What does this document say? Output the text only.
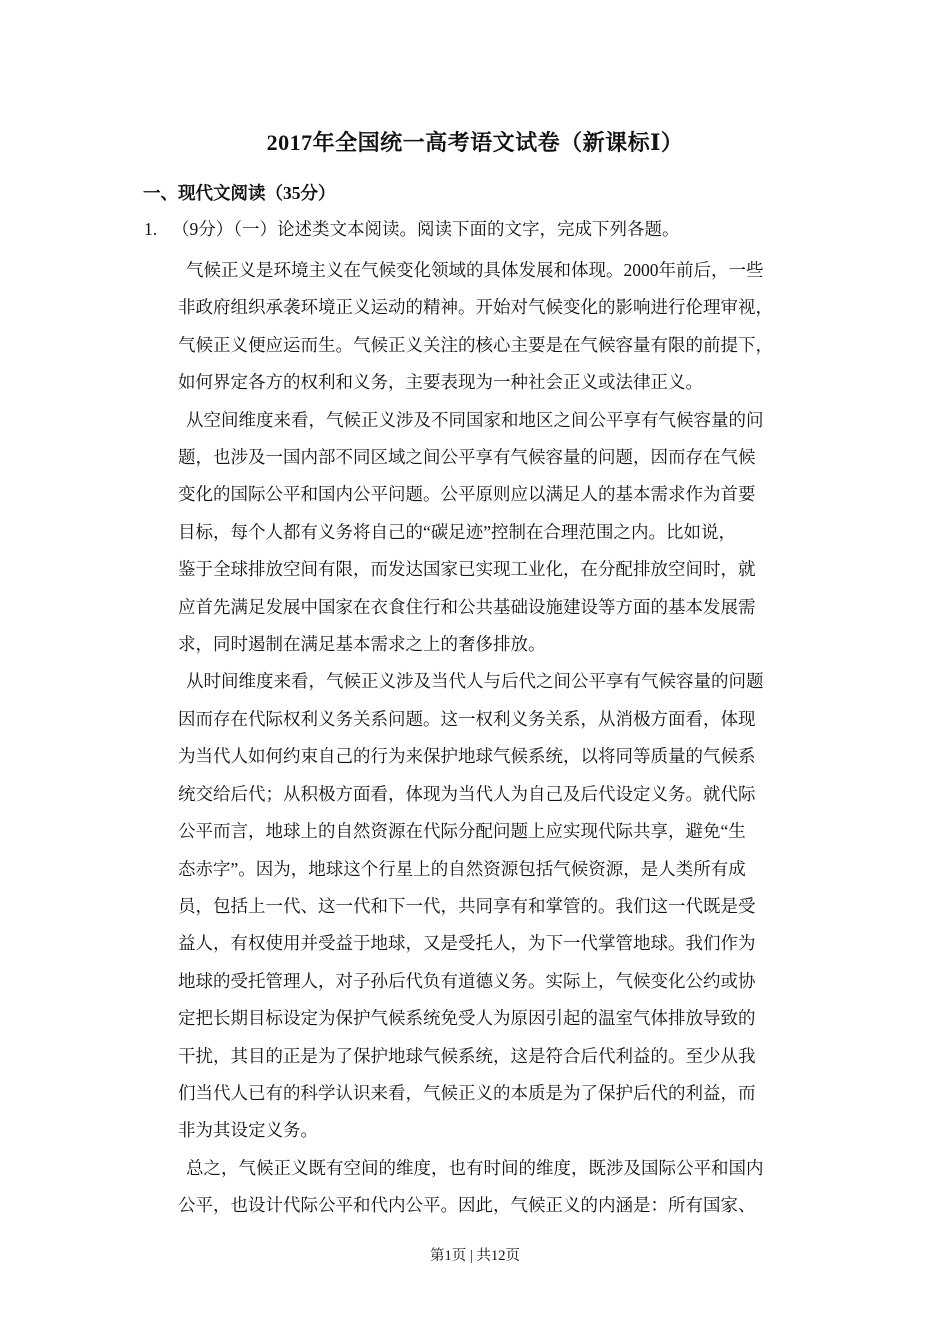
2017年全国统一高考语文试卷（新课标Ⅰ）
一、现代文阅读（35分）
1. （9分）（一）论述类文本阅读。阅读下面的文字，完成下列各题。
气候正义是环境主义在气候变化领域的具体发展和体现。2000年前后，一些
非政府组织承袭环境正义运动的精神。开始对气候变化的影响进行伦理审视，
气候正义便应运而生。气候正义关注的核心主要是在气候容量有限的前提下，
如何界定各方的权利和义务，主要表现为一种社会正义或法律正义。
从空间维度来看，气候正义涉及不同国家和地区之间公平享有气候容量的问
题，也涉及一国内部不同区域之间公平享有气候容量的问题，因而存在气候
变化的国际公平和国内公平问题。公平原则应以满足人的基本需求作为首要
目标，每个人都有义务将自己的“碳足迹”控制在合理范围之内。比如说，
鉴于全球排放空间有限，而发达国家已实现工业化，在分配排放空间时，就
应首先满足发展中国家在衣食住行和公共基础设施建设等方面的基本发展需
求，同时遏制在满足基本需求之上的奢侈排放。
从时间维度来看，气候正义涉及当代人与后代之间公平享有气候容量的问题
因而存在代际权利义务关系问题。这一权利义务关系，从消极方面看，体现
为当代人如何约束自己的行为来保护地球气候系统，以将同等质量的气候系
统交给后代；从积极方面看，体现为当代人为自己及后代设定义务。就代际
公平而言，地球上的自然资源在代际分配问题上应实现代际共享，避免“生
态赤字”。因为，地球这个行星上的自然资源包括气候资源，是人类所有成
员，包括上一代、这一代和下一代，共同享有和掌管的。我们这一代既是受
益人，有权使用并受益于地球，又是受托人，为下一代掌管地球。我们作为
地球的受托管理人，对子孙后代负有道德义务。实际上，气候变化公约或协
定把长期目标设定为保护气候系统免受人为原因引起的温室气体排放导致的
干扰，其目的正是为了保护地球气候系统，这是符合后代利益的。至少从我
们当代人已有的科学认识来看，气候正义的本质是为了保护后代的利益，而
非为其设定义务。
总之，气候正义既有空间的维度，也有时间的维度，既涉及国际公平和国内
公平，也设计代际公平和代内公平。因此，气候正义的内涵是：所有国家、
第1页 | 共12页
